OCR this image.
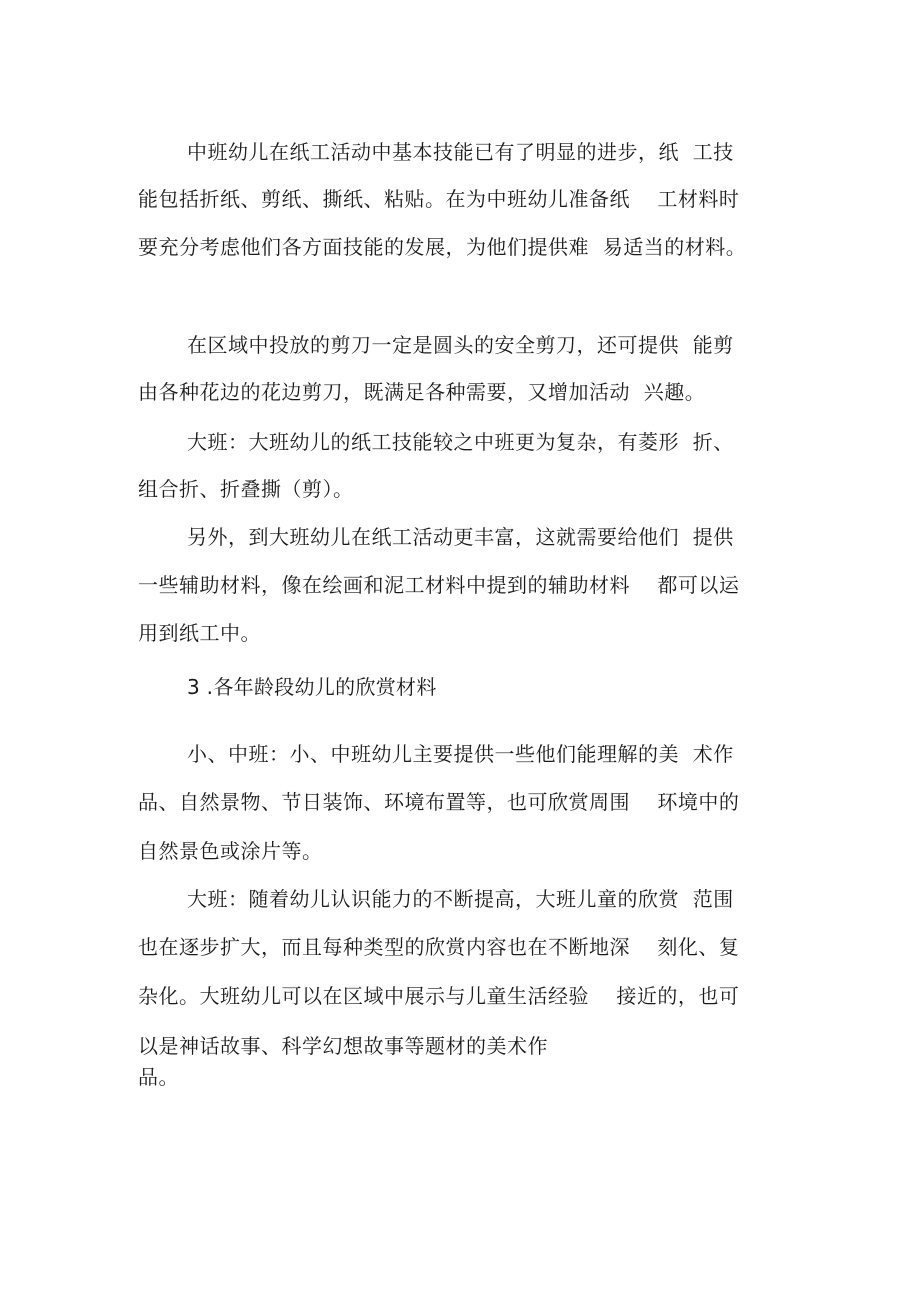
中班幼儿在纸工活动中基本技能已有了明显的进步，纸  工技
能包括折纸、剪纸、撕纸、粘贴。在为中班幼儿准备纸    工材料时
要充分考虑他们各方面技能的发展，为他们提供难  易适当的材料。
在区域中投放的剪刀一定是圆头的安全剪刀，还可提供  能剪
由各种花边的花边剪刀，既满足各种需要，又增加活动  兴趣。
大班：大班幼儿的纸工技能较之中班更为复杂，有菱形  折、
组合折、折叠撕（剪）。
另外，到大班幼儿在纸工活动更丰富，这就需要给他们  提供
一些辅助材料，像在绘画和泥工材料中提到的辅助材料    都可以运
用到纸工中。
3 .各年龄段幼儿的欣赏材料
小、中班：小、中班幼儿主要提供一些他们能理解的美  术作
品、自然景物、节日装饰、环境布置等，也可欣赏周围    环境中的
自然景色或涂片等。
大班：随着幼儿认识能力的不断提高，大班儿童的欣赏  范围
也在逐步扩大，而且每种类型的欣赏内容也在不断地深    刻化、复
杂化。大班幼儿可以在区域中展示与儿童生活经验    接近的，也可
以是神话故事、科学幻想故事等题材的美术作
品。
